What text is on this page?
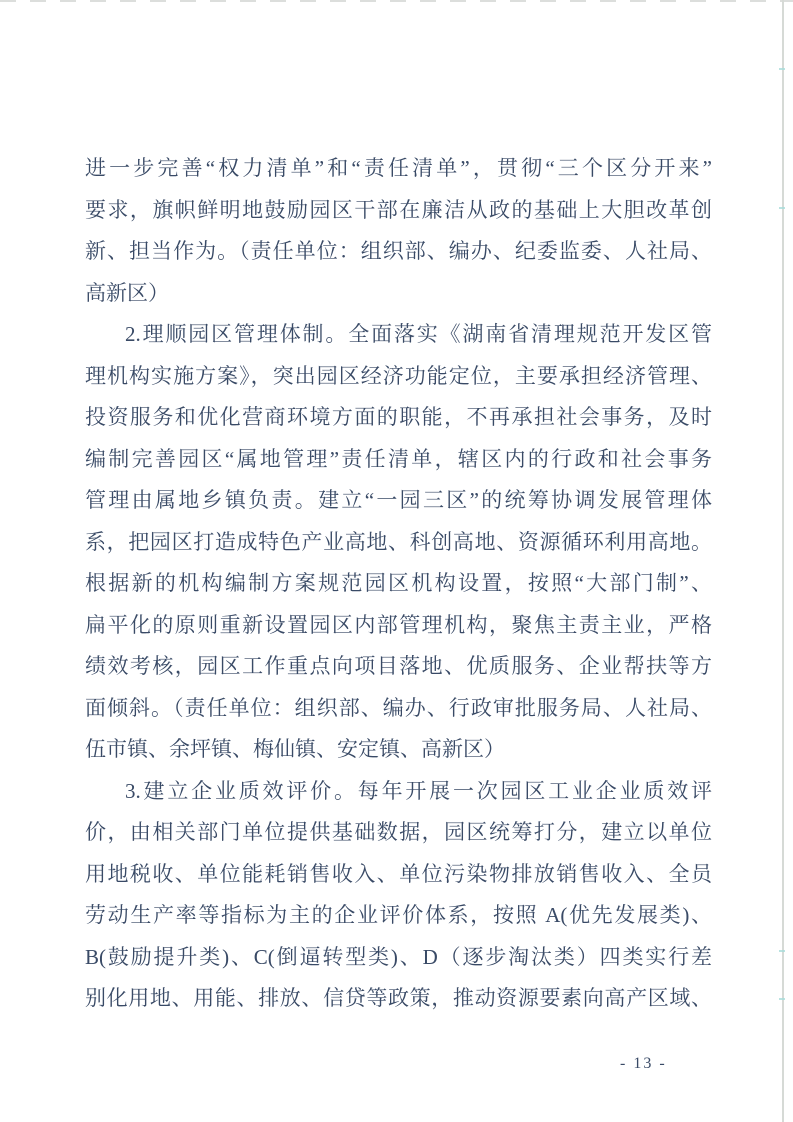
进一步完善“权力清单”和“责任清单”，贯彻“三个区分开来”
要求，旗帜鲜明地鼓励园区干部在廉洁从政的基础上大胆改革创
新、担当作为。（责任单位：组织部、编办、纪委监委、人社局、
高新区）
2.理顺园区管理体制。全面落实《湖南省清理规范开发区管
理机构实施方案》，突出园区经济功能定位，主要承担经济管理、
投资服务和优化营商环境方面的职能，不再承担社会事务，及时
编制完善园区“属地管理”责任清单，辖区内的行政和社会事务
管理由属地乡镇负责。建立“一园三区”的统筹协调发展管理体
系，把园区打造成特色产业高地、科创高地、资源循环利用高地。
根据新的机构编制方案规范园区机构设置，按照“大部门制”、
扁平化的原则重新设置园区内部管理机构，聚焦主责主业，严格
绩效考核，园区工作重点向项目落地、优质服务、企业帮扶等方
面倾斜。（责任单位：组织部、编办、行政审批服务局、人社局、
伍市镇、余坪镇、梅仙镇、安定镇、高新区）
3.建立企业质效评价。每年开展一次园区工业企业质效评
价，由相关部门单位提供基础数据，园区统筹打分，建立以单位
用地税收、单位能耗销售收入、单位污染物排放销售收入、全员
劳动生产率等指标为主的企业评价体系，按照 A(优先发展类)、
B(鼓励提升类)、C(倒逼转型类)、D（逐步淘汰类）四类实行差
别化用地、用能、排放、信贷等政策，推动资源要素向高产区域、
- 13 -
